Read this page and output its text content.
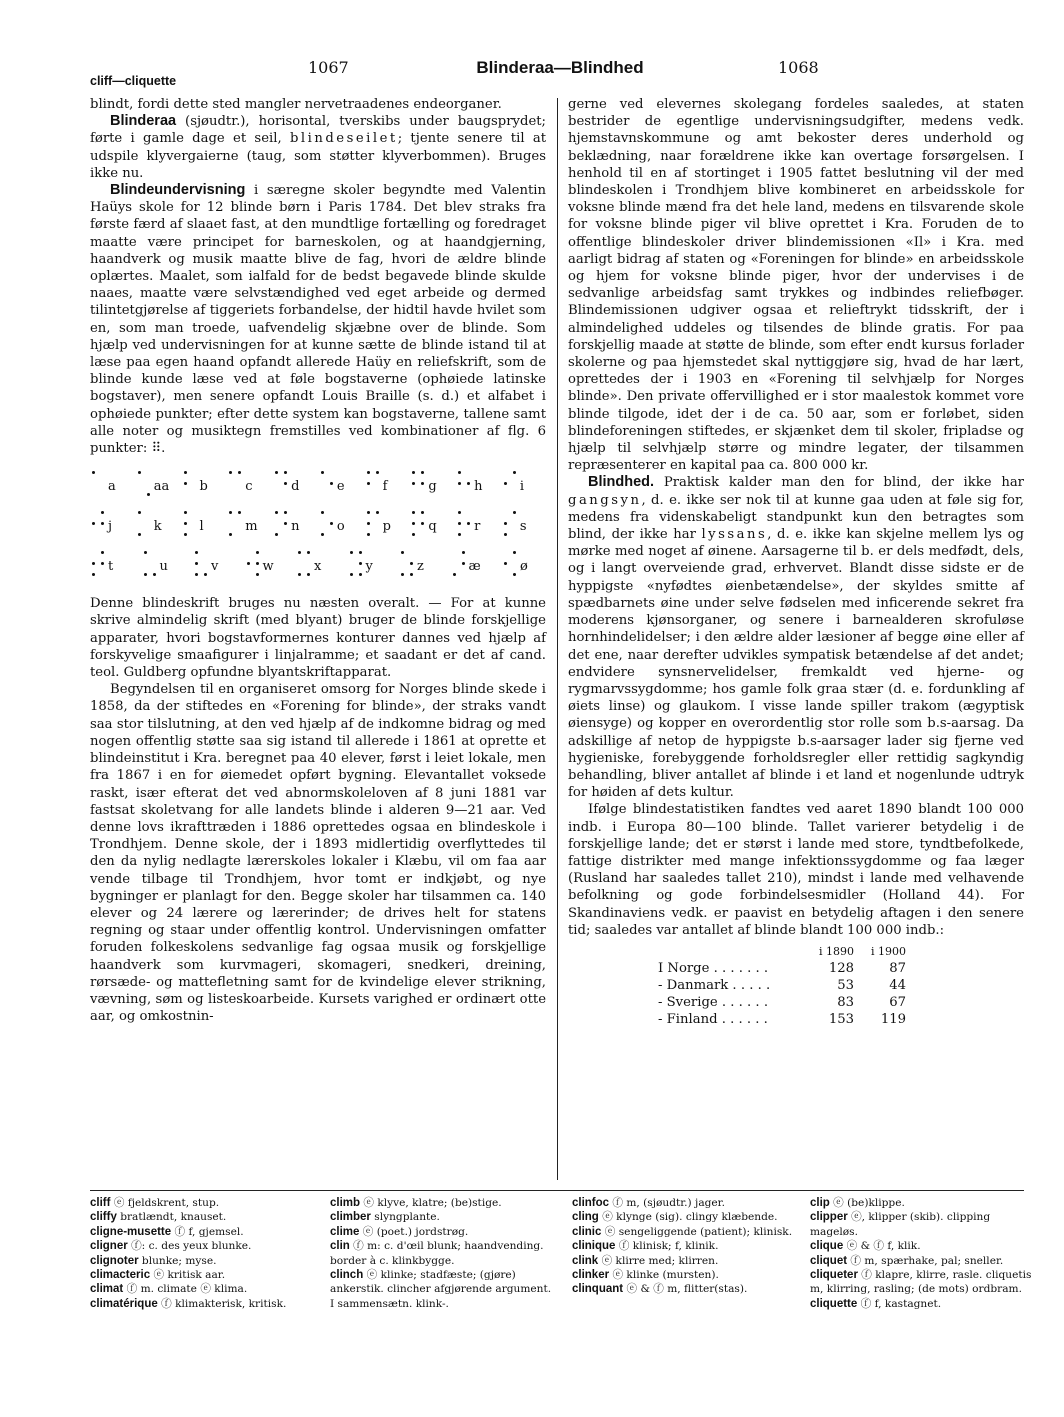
1067	Blinderaa—Blindhed	1068
cliff—cliquette

blindt, fordi dette sted mangler nervetraadenes endeorganer.

Blinderaa (sjøudtr.), horisontal, tverskibs under baugsprydet; førte i gamle dage et seil, blindeseilet; tjente senere til at udspile klyvergaierne (taug, som støtter klyverbommen). Bruges ikke nu.

Blindeundervisning i særegne skoler begyndte med Valentin Haüys skole for 12 blinde børn i Paris 1784. Det blev straks fra første færd af slaaet fast, at den mundtlige fortælling og foredraget maatte være principet for barneskolen, og at haandgjerning, haandverk og musik maatte blive de fag, hvori de ældre blinde oplærtes. Maalet, som ialfald for de bedst begavede blinde skulde naaes, maatte være selvstændighed ved eget arbeide og dermed tilintetgjørelse af tiggeriets forbandelse, der hidtil havde hvilet som en, som man troede, uafvendelig skjæbne over de blinde. Som hjælp ved undervisningen for at kunne sætte de blinde istand til at læse paa egen haand opfandt allerede Haüy en reliefskrift, som de blinde kunde læse ved at føle bogstaverne (ophøiede latinske bogstaver), men senere opfandt Louis Braille (s. d.) et alfabet i ophøiede punkter; efter dette system kan bogstaverne, tallene samt alle noter og musiktegn fremstilles ved kombinationer af flg. 6 punkter: ⠿.

a	aa b	c	d	e	f	g	h	i
j	k	l	m	n	o	p	q	r	s
t	u	v	w	x	y	z	æ	ø

Denne blindeskrift bruges nu næsten overalt. — For at kunne skrive almindelig skrift (med blyant) bruger de blinde forskjellige apparater, hvori bogstavformernes konturer dannes ved hjælp af forskyvelige smaafigurer i linjalramme; et saadant er det af cand. teol. Guldberg opfundne blyantskriftapparat.

Begyndelsen til en organiseret omsorg for Norges blinde skede i 1858, da der stiftedes en «Forening for blinde», der straks vandt saa stor tilslutning, at den ved hjælp af de indkomne bidrag og med nogen offentlig støtte saa sig istand til allerede i 1861 at oprette et blindeinstitut i Kra. beregnet paa 40 elever, først i leiet lokale, men fra 1867 i en for øiemedet opført bygning. Elevantallet voksede raskt, især efterat det ved abnormskoleloven af 8 juni 1881 var fastsat skoletvang for alle landets blinde i alderen 9—21 aar. Ved denne lovs ikrafttræden i 1886 oprettedes ogsaa en blindeskole i Trondhjem. Denne skole, der i 1893 midlertidig overflyttedes til den da nylig nedlagte lærerskoles lokaler i Klæbu, vil om faa aar vende tilbage til Trondhjem, hvor tomt er indkjøbt, og nye bygninger er planlagt for den. Begge skoler har tilsammen ca. 140 elever og 24 lærere og lærerinder; de drives helt for statens regning og staar under offentlig kontrol. Undervisningen omfatter foruden folkeskolens sedvanlige fag ogsaa musik og forskjellige haandverk som kurvmageri, skomageri, snedkeri, dreining, rørsæde- og mattefletning samt for de kvindelige elever strikning, vævning, søm og listeskoarbeide. Kursets varighed er ordinært otte aar, og omkostnin-

gerne ved elevernes skolegang fordeles saaledes, at staten bestrider de egentlige undervisningsudgifter, medens vedk. hjemstavnskommune og amt bekoster deres underhold og beklædning, naar forældrene ikke kan overtage forsørgelsen. I henhold til en af stortinget i 1905 fattet beslutning vil der med blindeskolen i Trondhjem blive kombineret en arbeidsskole for voksne blinde mænd fra det hele land, medens en tilsvarende skole for voksne blinde piger vil blive oprettet i Kra. Foruden de to offentlige blindeskoler driver blindemissionen «Il» i Kra. med aarligt bidrag af staten og «Foreningen for blinde» en arbeidsskole og hjem for voksne blinde piger, hvor der undervises i de sedvanlige arbeidsfag samt trykkes og indbindes reliefbøger. Blindemissionen udgiver ogsaa et relieftrykt tidsskrift, der i almindelighed uddeles og tilsendes de blinde gratis. For paa forskjellig maade at støtte de blinde, som efter endt kursus forlader skolerne og paa hjemstedet skal nyttiggjøre sig, hvad de har lært, oprettedes der i 1903 en «Forening til selvhjælp for Norges blinde». Den private offervillighed er i stor maalestok kommet vore blinde tilgode, idet der i de ca. 50 aar, som er forløbet, siden blindeforeningen stiftedes, er skjænket dem til skoler, fripladse og hjælp til selvhjælp større og mindre legater, der tilsammen repræsenterer en kapital paa ca. 800 000 kr.

Blindhed. Praktisk kalder man den for blind, der ikke har gangsyn, d. e. ikke ser nok til at kunne gaa uden at føle sig for, medens fra videnskabeligt standpunkt kun den betragtes som blind, der ikke har lyssans, d. e. ikke kan skjelne mellem lys og mørke med noget af øinene. Aarsagerne til b. er dels medfødt, dels, og i langt overveiende grad, erhvervet. Blandt disse sidste er de hyppigste «nyfødtes øienbetændelse», der skyldes smitte af spædbarnets øine under selve fødselen med inficerende sekret fra moderens kjønsorganer, og senere i barnealderen skrofuløse hornhindelidelser; i den ældre alder læsioner af begge øine eller af det ene, naar derefter udvikles sympatisk betændelse af det andet; endvidere synsnervelidelser, fremkaldt ved hjerne- og rygmarvssygdomme; hos gamle folk graa stær (d. e. fordunkling af øiets linse) og glaukom. I visse lande spiller trakom (ægyptisk øiensyge) og kopper en overordentlig stor rolle som b.s-aarsag. Da adskillige af netop de hyppigste b.s-aarsager lader sig fjerne ved hygieniske, forebyggende forholdsregler eller rettidig sagkyndig behandling, bliver antallet af blinde i et land et nogenlunde udtryk for høiden af dets kultur.

Ifølge blindestatistiken fandtes ved aaret 1890 blandt 100 000 indb. i Europa 80—100 blinde. Tallet varierer betydelig i de forskjellige lande; det er størst i lande med store, tyndtbefolkede, fattige distrikter med mange infektionssygdomme og faa læger (Rusland har saaledes tallet 210), mindst i lande med velhavende befolkning og gode forbindelsesmidler (Holland 44). For Skandinaviens vedk. er paavist en betydelig aftagen i den senere tid; saaledes var antallet af blinde blandt 100 000 indb.:

i 1890	i 1900
I Norge . . . . . . .	128	87
- Danmark . . . . .	53	44
- Sverige . . . . . .	83	67
- Finland . . . . . .	153	119

cliff ⓔ fjeldskrent, stup.

cliffy bratlændt, knauset.

cligne-musette ⓕ f, gjemsel.

cligner ⓕ: c. des yeux blunke.

clignoter blunke; myse.

climacteric ⓔ kritisk aar.

climat ⓕ m. climate ⓔ klima.

climatérique ⓕ klimakterisk, kritisk.

climb ⓔ klyve, klatre; (be)stige.

climber slyngplante.

clime ⓔ (poet.) jordstrøg.

clin ⓕ m: c. d'œil blunk; haandvending. border à c. klinkbygge.

clinch ⓔ klinke; stadfæste; (gjøre) ankerstik. clincher afgjørende argument. I sammensætn. klink-.

clinfoc ⓕ m, (sjøudtr.) jager.

cling ⓔ klynge (sig). clingy klæbende.

clinic ⓔ sengeliggende (patient); klinisk.

clinique ⓕ klinisk; f, klinik.

clink ⓔ klirre med; klirren.

clinker ⓔ klinke (mursten).

clinquant ⓔ & ⓕ m, flitter(stas).

clip ⓔ (be)klippe.

clipper ⓔ, klipper (skib). clipping mageløs.

clique ⓔ & ⓕ f, klik.

cliquet ⓕ m, spærhake, pal; sneller.

cliqueter ⓕ klapre, klirre, rasle. cliquetis m, klirring, rasling; (de mots) ordbram.

cliquette ⓕ f, kastagnet.
